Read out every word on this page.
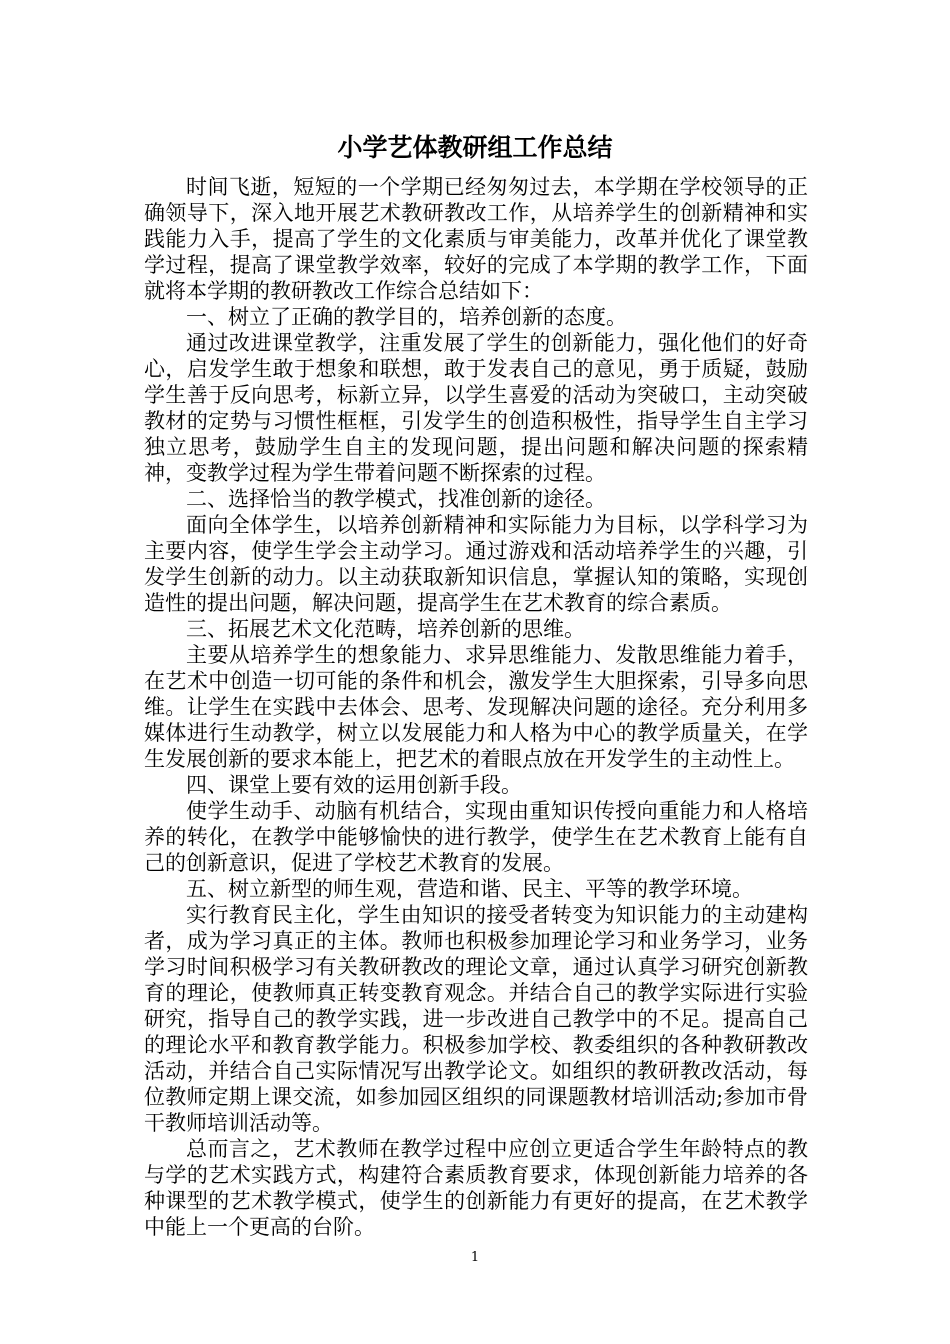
小学艺体教研组工作总结

时间飞逝，短短的一个学期已经匆匆过去，本学期在学校领导的正确领导下，深入地开展艺术教研教改工作，从培养学生的创新精神和实践能力入手，提高了学生的文化素质与审美能力，改革并优化了课堂教学过程，提高了课堂教学效率，较好的完成了本学期的教学工作，下面就将本学期的教研教改工作综合总结如下：

一、树立了正确的教学目的，培养创新的态度。

通过改进课堂教学，注重发展了学生的创新能力，强化他们的好奇心，启发学生敢于想象和联想，敢于发表自己的意见，勇于质疑，鼓励学生善于反向思考，标新立异，以学生喜爱的活动为突破口，主动突破教材的定势与习惯性框框，引发学生的创造积极性，指导学生自主学习独立思考，鼓励学生自主的发现问题，提出问题和解决问题的探索精神，变教学过程为学生带着问题不断探索的过程。

二、选择恰当的教学模式，找准创新的途径。

面向全体学生，以培养创新精神和实际能力为目标，以学科学习为主要内容，使学生学会主动学习。通过游戏和活动培养学生的兴趣，引发学生创新的动力。以主动获取新知识信息，掌握认知的策略，实现创造性的提出问题，解决问题，提高学生在艺术教育的综合素质。

三、拓展艺术文化范畴，培养创新的思维。

主要从培养学生的想象能力、求异思维能力、发散思维能力着手，在艺术中创造一切可能的条件和机会，激发学生大胆探索，引导多向思维。让学生在实践中去体会、思考、发现解决问题的途径。充分利用多媒体进行生动教学，树立以发展能力和人格为中心的教学质量关，在学生发展创新的要求本能上，把艺术的着眼点放在开发学生的主动性上。

四、课堂上要有效的运用创新手段。

使学生动手、动脑有机结合，实现由重知识传授向重能力和人格培养的转化，在教学中能够愉快的进行教学，使学生在艺术教育上能有自己的创新意识，促进了学校艺术教育的发展。

五、树立新型的师生观，营造和谐、民主、平等的教学环境。

实行教育民主化，学生由知识的接受者转变为知识能力的主动建构者，成为学习真正的主体。教师也积极参加理论学习和业务学习，业务学习时间积极学习有关教研教改的理论文章，通过认真学习研究创新教育的理论，使教师真正转变教育观念。并结合自己的教学实际进行实验研究，指导自己的教学实践，进一步改进自己教学中的不足。提高自己的理论水平和教育教学能力。积极参加学校、教委组织的各种教研教改活动，并结合自己实际情况写出教学论文。如组织的教研教改活动，每位教师定期上课交流，如参加园区组织的同课题教材培训活动;参加市骨干教师培训活动等。

总而言之，艺术教师在教学过程中应创立更适合学生年龄特点的教与学的艺术实践方式，构建符合素质教育要求，体现创新能力培养的各种课型的艺术教学模式，使学生的创新能力有更好的提高，在艺术教学中能上一个更高的台阶。

1
